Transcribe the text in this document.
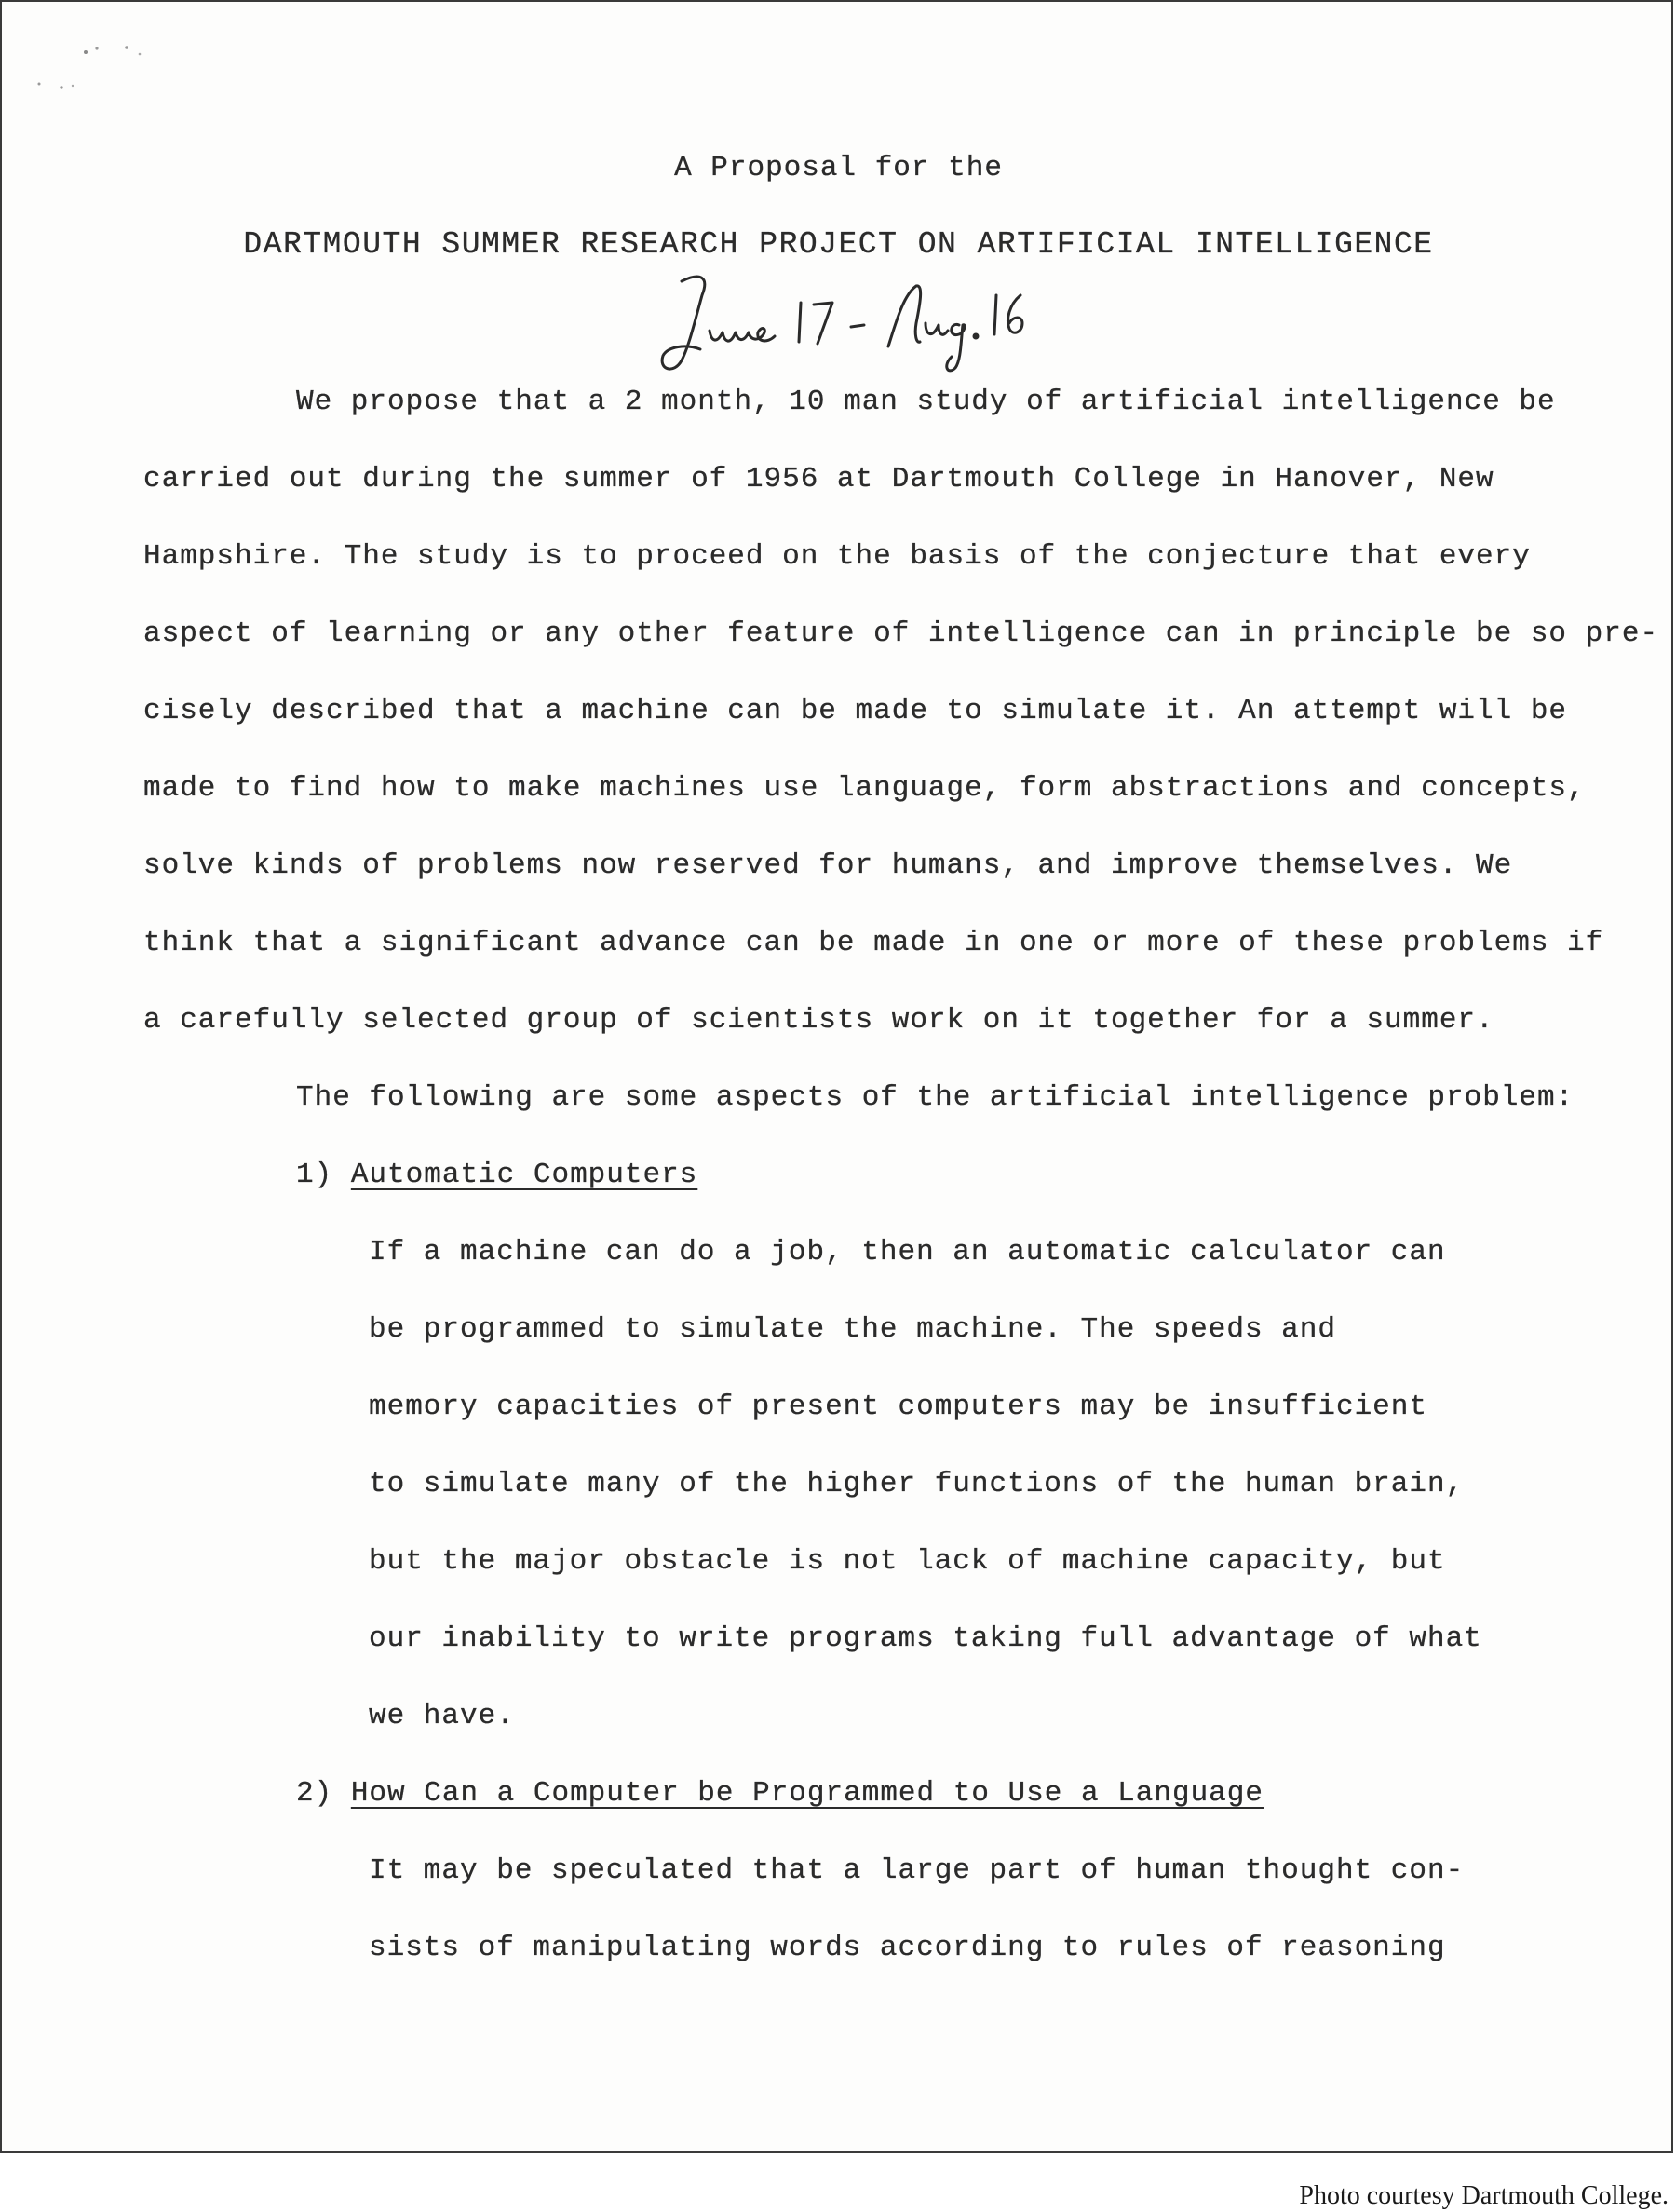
A Proposal for the
DARTMOUTH SUMMER RESEARCH PROJECT ON ARTIFICIAL INTELLIGENCE
We propose that a 2 month, 10 man study of artificial intelligence be
carried out during the summer of 1956 at Dartmouth College in Hanover, New
Hampshire. The study is to proceed on the basis of the conjecture that every
aspect of learning or any other feature of intelligence can in principle be so pre-
cisely described that a machine can be made to simulate it. An attempt will be
made to find how to make machines use language, form abstractions and concepts,
solve kinds of problems now reserved for humans, and improve themselves. We
think that a significant advance can be made in one or more of these problems if
a carefully selected group of scientists work on it together for a summer.
The following are some aspects of the artificial intelligence problem:
1) Automatic Computers
If a machine can do a job, then an automatic calculator can
be programmed to simulate the machine. The speeds and
memory capacities of present computers may be insufficient
to simulate many of the higher functions of the human brain,
but the major obstacle is not lack of machine capacity, but
our inability to write programs taking full advantage of what
we have.
2) How Can a Computer be Programmed to Use a Language
It may be speculated that a large part of human thought con-
sists of manipulating words according to rules of reasoning
Photo courtesy Dartmouth College.
